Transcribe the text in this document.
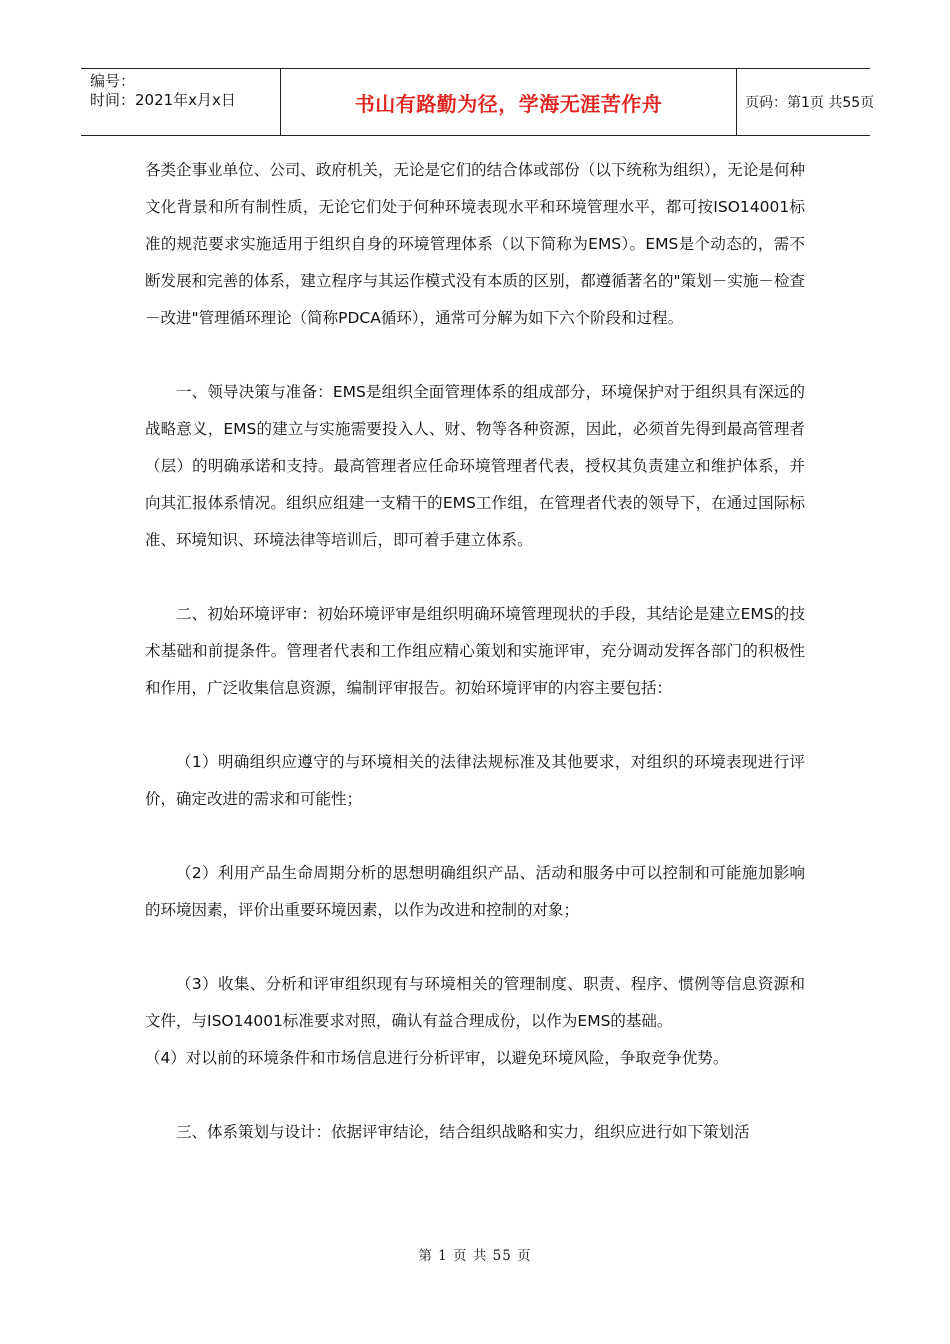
编号：
时间：2021年x月x日	书山有路勤为径，学海无涯苦作舟	页码：第1页 共55页

各类企事业单位、公司、政府机关，无论是它们的结合体或部份（以下统称为组织），无论是何种文化背景和所有制性质，无论它们处于何种环境表现水平和环境管理水平，都可按ISO14001标准的规范要求实施适用于组织自身的环境管理体系（以下简称为EMS）。EMS是个动态的，需不断发展和完善的体系，建立程序与其运作模式没有本质的区别，都遵循著名的"策划－实施－检查－改进"管理循环理论（简称PDCA循环），通常可分解为如下六个阶段和过程。

一、领导决策与准备：EMS是组织全面管理体系的组成部分，环境保护对于组织具有深远的战略意义，EMS的建立与实施需要投入人、财、物等各种资源，因此，必须首先得到最高管理者（层）的明确承诺和支持。最高管理者应任命环境管理者代表，授权其负责建立和维护体系，并向其汇报体系情况。组织应组建一支精干的EMS工作组，在管理者代表的领导下，在通过国际标准、环境知识、环境法律等培训后，即可着手建立体系。

二、初始环境评审：初始环境评审是组织明确环境管理现状的手段，其结论是建立EMS的技术基础和前提条件。管理者代表和工作组应精心策划和实施评审，充分调动发挥各部门的积极性和作用，广泛收集信息资源，编制评审报告。初始环境评审的内容主要包括：

（1）明确组织应遵守的与环境相关的法律法规标准及其他要求，对组织的环境表现进行评价，确定改进的需求和可能性；

（2）利用产品生命周期分析的思想明确组织产品、活动和服务中可以控制和可能施加影响的环境因素，评价出重要环境因素，以作为改进和控制的对象；

（3）收集、分析和评审组织现有与环境相关的管理制度、职责、程序、惯例等信息资源和文件，与ISO14001标准要求对照，确认有益合理成份，以作为EMS的基础。

（4）对以前的环境条件和市场信息进行分析评审，以避免环境风险，争取竞争优势。

三、体系策划与设计：依据评审结论，结合组织战略和实力，组织应进行如下策划活

第 1 页 共 55 页
